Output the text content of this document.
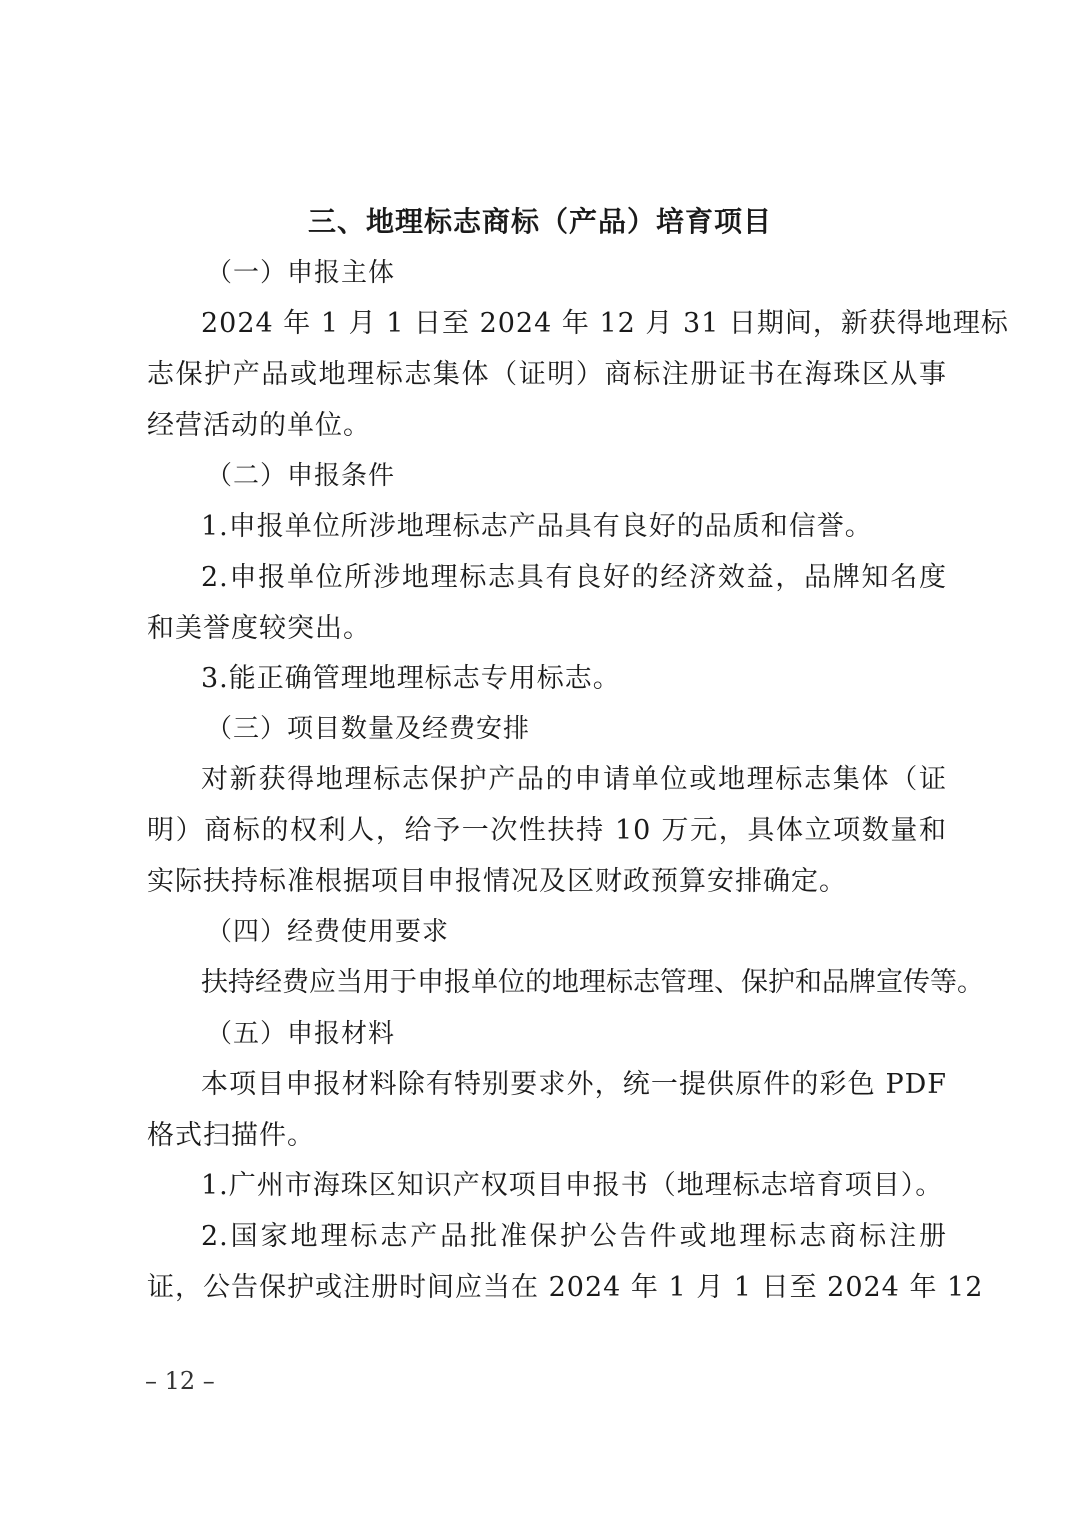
三、地理标志商标（产品）培育项目
（一）申报主体
2024 年 1 月 1 日至 2024 年 12 月 31 日期间，新获得地理标
志保护产品或地理标志集体（证明）商标注册证书在海珠区从事
经营活动的单位。
（二）申报条件
1.申报单位所涉地理标志产品具有良好的品质和信誉。
2.申报单位所涉地理标志具有良好的经济效益，品牌知名度
和美誉度较突出。
3.能正确管理地理标志专用标志。
（三）项目数量及经费安排
对新获得地理标志保护产品的申请单位或地理标志集体（证
明）商标的权利人，给予一次性扶持 10 万元，具体立项数量和
实际扶持标准根据项目申报情况及区财政预算安排确定。
（四）经费使用要求
扶持经费应当用于申报单位的地理标志管理、保护和品牌宣传等。
（五）申报材料
本项目申报材料除有特别要求外，统一提供原件的彩色 PDF
格式扫描件。
1.广州市海珠区知识产权项目申报书（地理标志培育项目）。
2.国家地理标志产品批准保护公告件或地理标志商标注册
证，公告保护或注册时间应当在 2024 年 1 月 1 日至 2024 年 12
– 12 –
